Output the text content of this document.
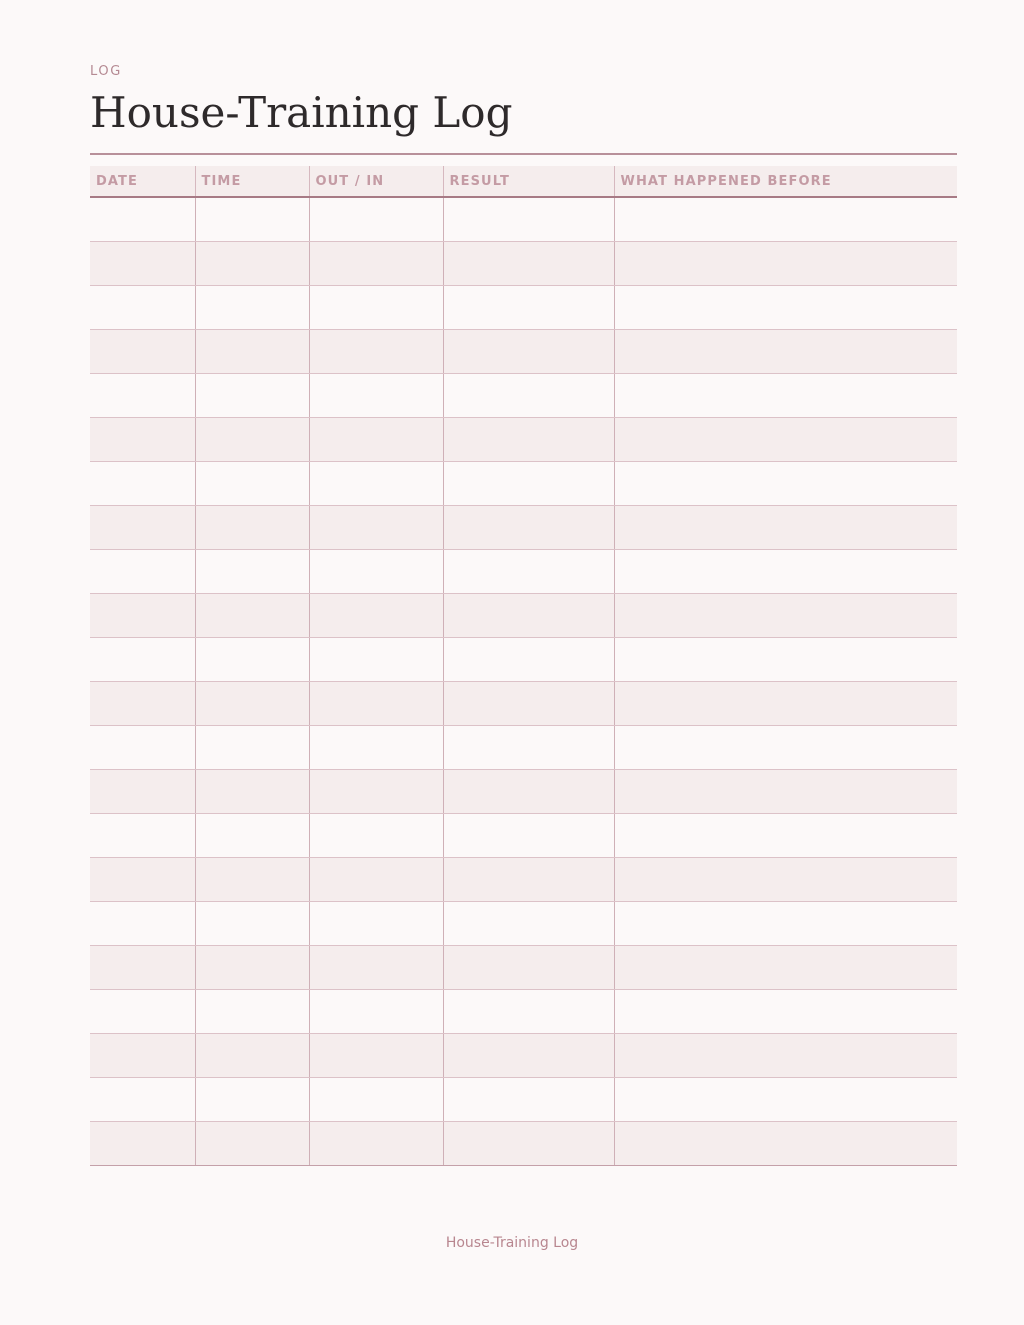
LOG
House-Training Log
DATE	TIME	OUT / IN	RESULT	WHAT HAPPENED BEFORE

House-Training Log
